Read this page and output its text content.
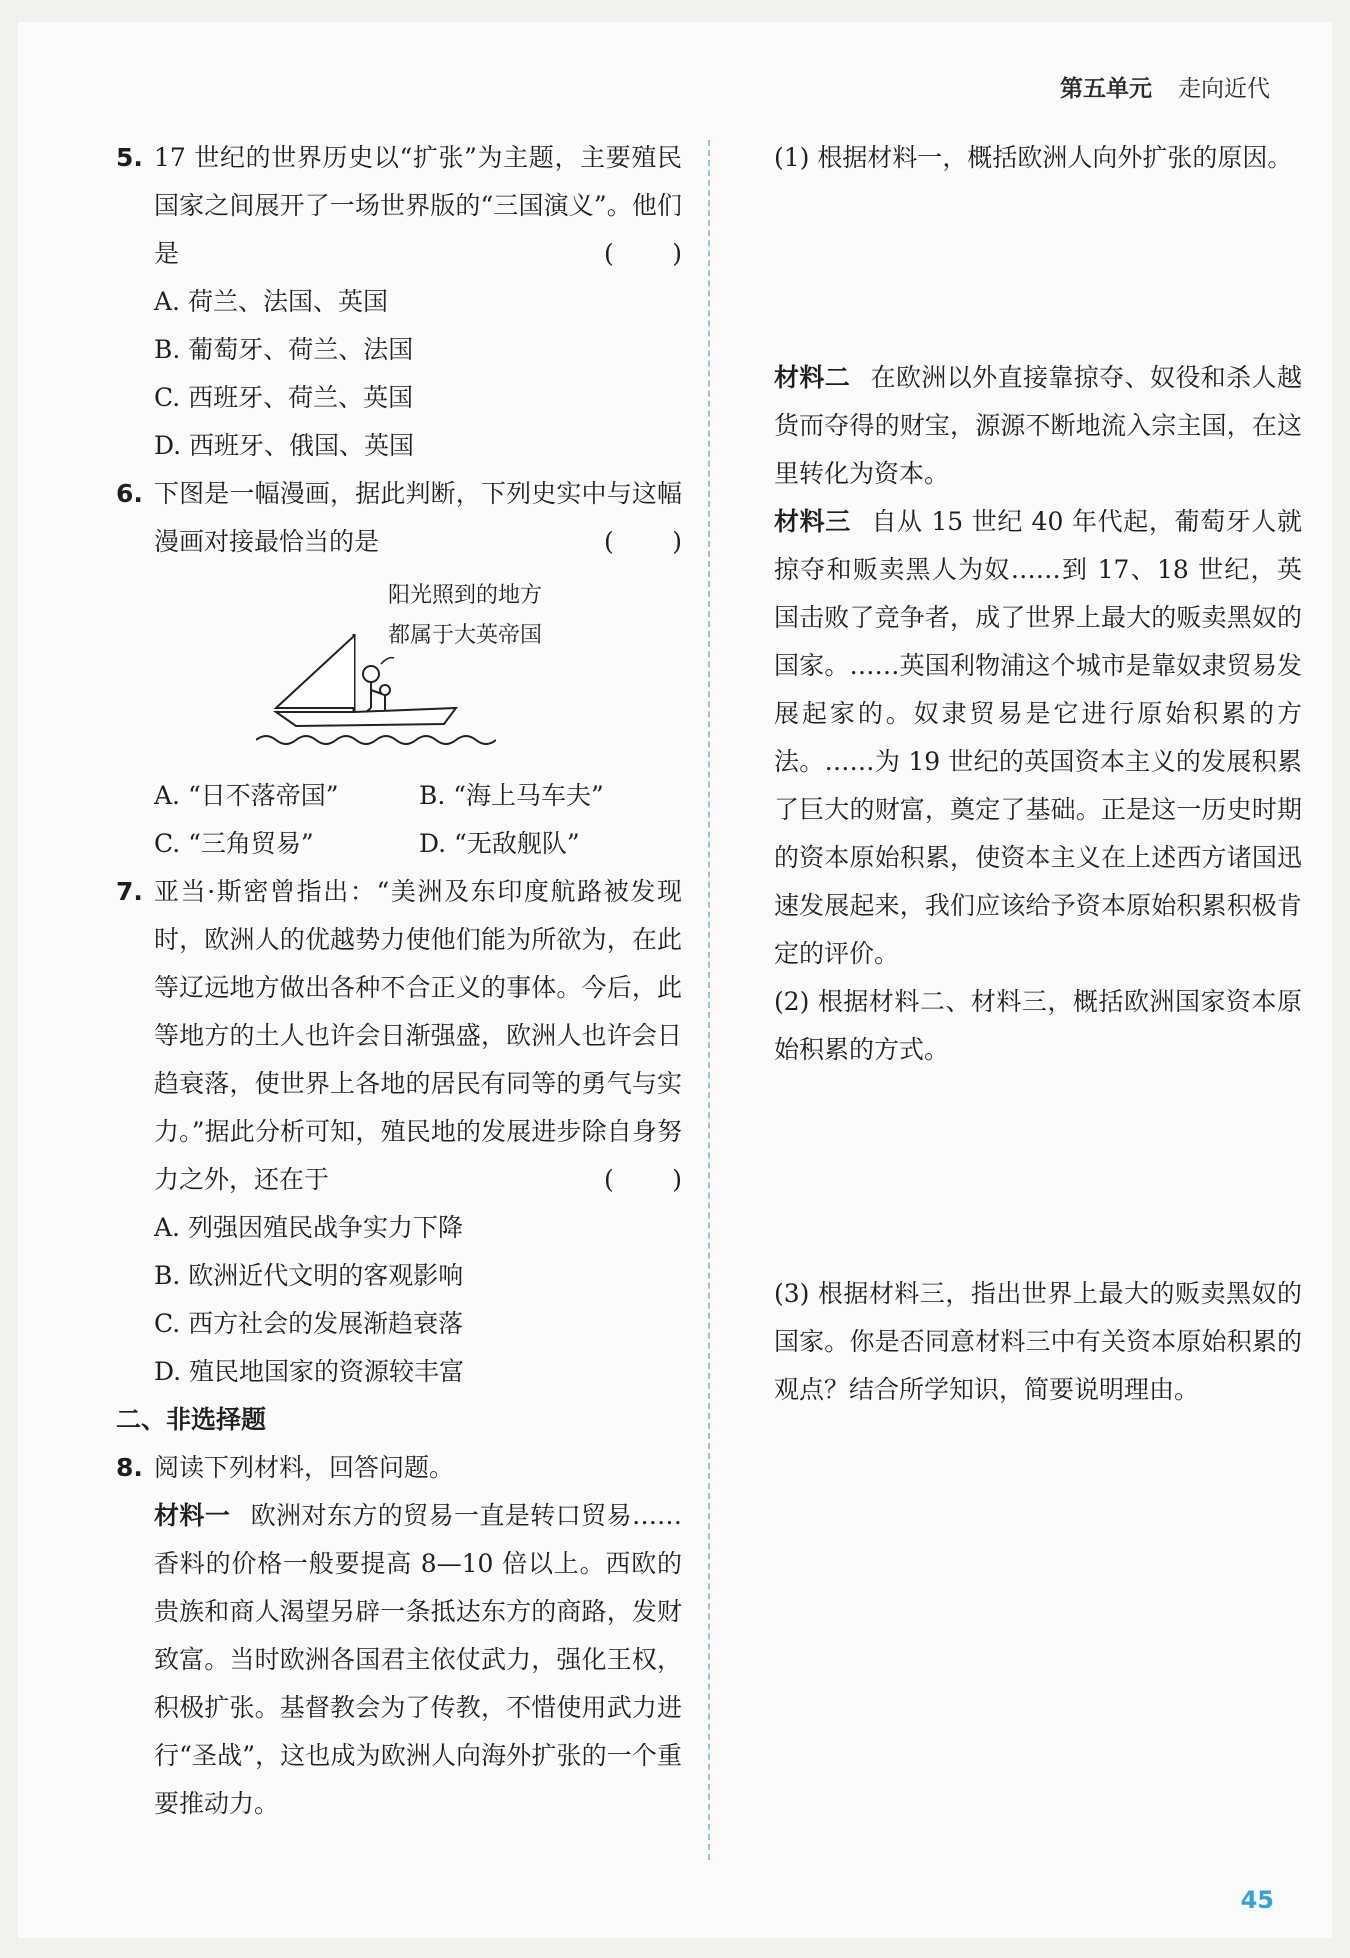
第五单元 走向近代
5. 17 世纪的世界历史以“扩张”为主题，主要殖民国家之间展开了一场世界版的“三国演义”。他们是	( )
A. 荷兰、法国、英国
B. 葡萄牙、荷兰、法国
C. 西班牙、荷兰、英国
D. 西班牙、俄国、英国
6. 下图是一幅漫画，据此判断，下列史实中与这幅漫画对接最恰当的是	( )
阳光照到的地方
都属于大英帝国
A. “日不落帝国”	B. “海上马车夫”
C. “三角贸易”	D. “无敌舰队”
7. 亚当·斯密曾指出：“美洲及东印度航路被发现时，欧洲人的优越势力使他们能为所欲为，在此等辽远地方做出各种不合正义的事体。今后，此等地方的土人也许会日渐强盛，欧洲人也许会日趋衰落，使世界上各地的居民有同等的勇气与实力。”据此分析可知，殖民地的发展进步除自身努力之外，还在于	( )
A. 列强因殖民战争实力下降
B. 欧洲近代文明的客观影响
C. 西方社会的发展渐趋衰落
D. 殖民地国家的资源较丰富
二、非选择题
8. 阅读下列材料，回答问题。
材料一 欧洲对东方的贸易一直是转口贸易……香料的价格一般要提高 8—10 倍以上。西欧的贵族和商人渴望另辟一条抵达东方的商路，发财致富。当时欧洲各国君主依仗武力，强化王权，积极扩张。基督教会为了传教，不惜使用武力进行“圣战”，这也成为欧洲人向海外扩张的一个重要推动力。
(1) 根据材料一，概括欧洲人向外扩张的原因。
材料二 在欧洲以外直接靠掠夺、奴役和杀人越货而夺得的财宝，源源不断地流入宗主国，在这里转化为资本。
材料三 自从 15 世纪 40 年代起，葡萄牙人就掠夺和贩卖黑人为奴……到 17、18 世纪，英国击败了竞争者，成了世界上最大的贩卖黑奴的国家。……英国利物浦这个城市是靠奴隶贸易发展起家的。奴隶贸易是它进行原始积累的方法。……为 19 世纪的英国资本主义的发展积累了巨大的财富，奠定了基础。正是这一历史时期的资本原始积累，使资本主义在上述西方诸国迅速发展起来，我们应该给予资本原始积累积极肯定的评价。
(2) 根据材料二、材料三，概括欧洲国家资本原始积累的方式。
(3) 根据材料三，指出世界上最大的贩卖黑奴的国家。你是否同意材料三中有关资本原始积累的观点？结合所学知识，简要说明理由。
45
